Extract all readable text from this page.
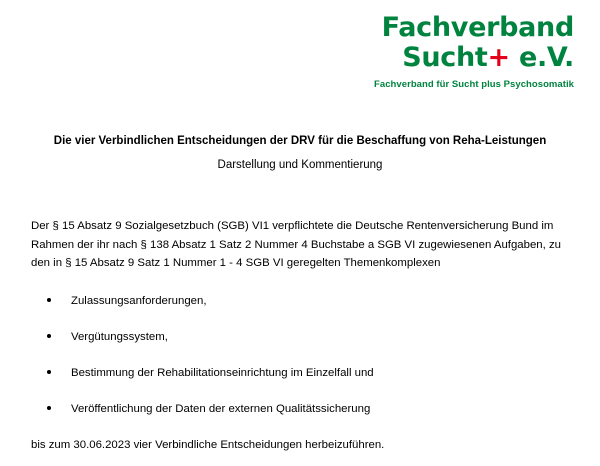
Fachverband
Sucht+ e.V.
Fachverband für Sucht plus Psychosomatik
Die vier Verbindlichen Entscheidungen der DRV für die Beschaffung von Reha-Leistungen
Darstellung und Kommentierung

Der § 15 Absatz 9 Sozialgesetzbuch (SGB) VI1 verpflichtete die Deutsche Rentenversicherung Bund im Rahmen der ihr nach § 138 Absatz 1 Satz 2 Nummer 4 Buchstabe a SGB VI zugewiesenen Aufgaben, zu den in § 15 Absatz 9 Satz 1 Nummer 1 - 4 SGB VI geregelten Themenkomplexen

Zulassungsanforderungen,
Vergütungssystem,
Bestimmung der Rehabilitationseinrichtung im Einzelfall und
Veröffentlichung der Daten der externen Qualitätssicherung

bis zum 30.06.2023 vier Verbindliche Entscheidungen herbeizuführen.
